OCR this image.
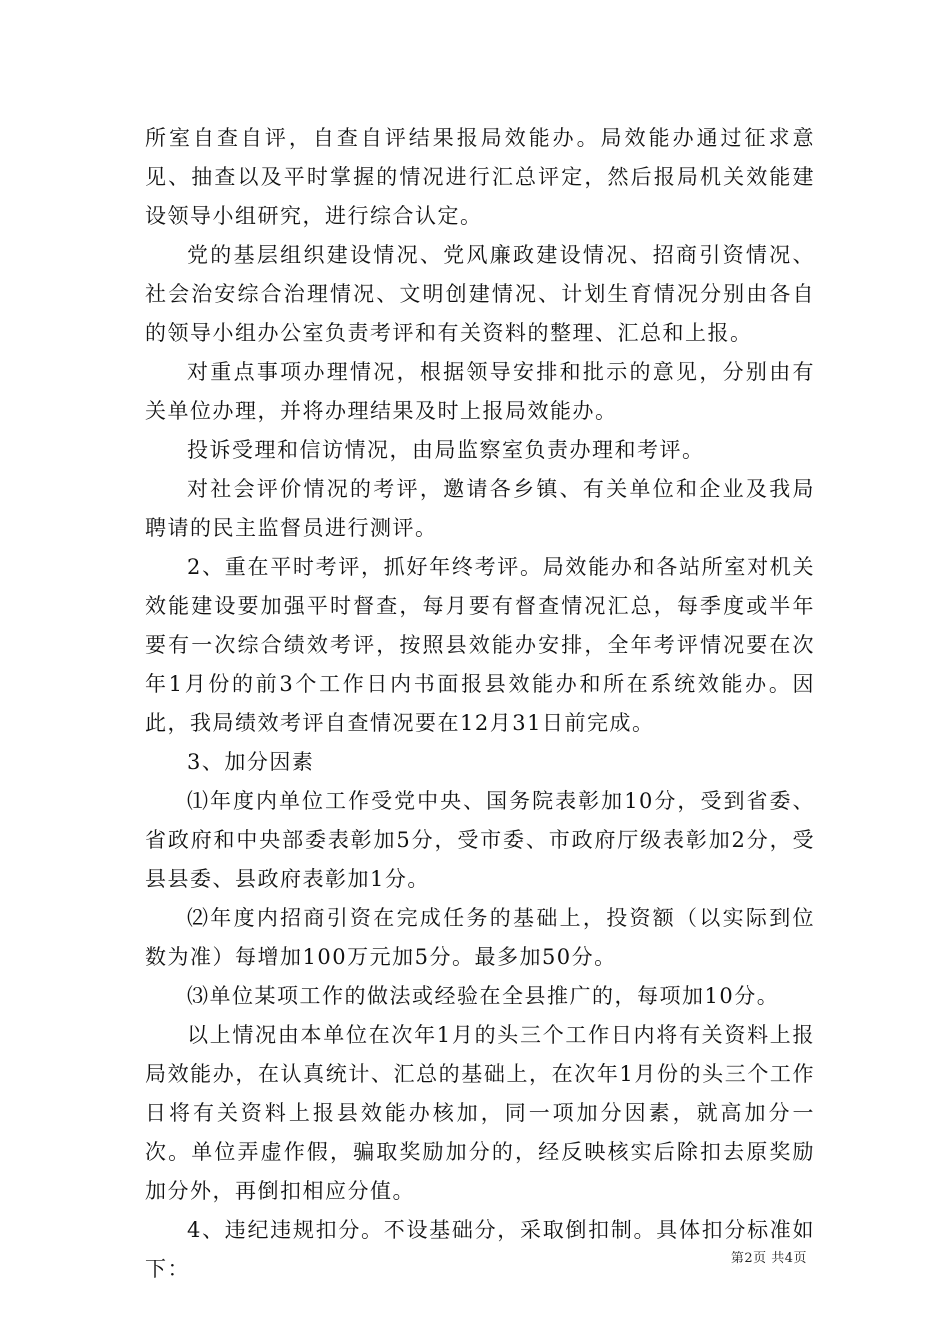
所室自查自评，自查自评结果报局效能办。局效能办通过征求意见、抽查以及平时掌握的情况进行汇总评定，然后报局机关效能建设领导小组研究，进行综合认定。

党的基层组织建设情况、党风廉政建设情况、招商引资情况、社会治安综合治理情况、文明创建情况、计划生育情况分别由各自的领导小组办公室负责考评和有关资料的整理、汇总和上报。

对重点事项办理情况，根据领导安排和批示的意见，分别由有关单位办理，并将办理结果及时上报局效能办。

投诉受理和信访情况，由局监察室负责办理和考评。

对社会评价情况的考评，邀请各乡镇、有关单位和企业及我局聘请的民主监督员进行测评。

2、重在平时考评，抓好年终考评。局效能办和各站所室对机关效能建设要加强平时督查，每月要有督查情况汇总，每季度或半年要有一次综合绩效考评，按照县效能办安排，全年考评情况要在次年1月份的前3个工作日内书面报县效能办和所在系统效能办。因此，我局绩效考评自查情况要在12月31日前完成。

3、加分因素

⑴年度内单位工作受党中央、国务院表彰加10分，受到省委、省政府和中央部委表彰加5分，受市委、市政府厅级表彰加2分，受县县委、县政府表彰加1分。

⑵年度内招商引资在完成任务的基础上，投资额（以实际到位数为准）每增加100万元加5分。最多加50分。

⑶单位某项工作的做法或经验在全县推广的，每项加10分。

以上情况由本单位在次年1月的头三个工作日内将有关资料上报局效能办，在认真统计、汇总的基础上，在次年1月份的头三个工作日将有关资料上报县效能办核加，同一项加分因素，就高加分一次。单位弄虚作假，骗取奖励加分的，经反映核实后除扣去原奖励加分外，再倒扣相应分值。

4、违纪违规扣分。不设基础分，采取倒扣制。具体扣分标准如下：	第2页 共4页
